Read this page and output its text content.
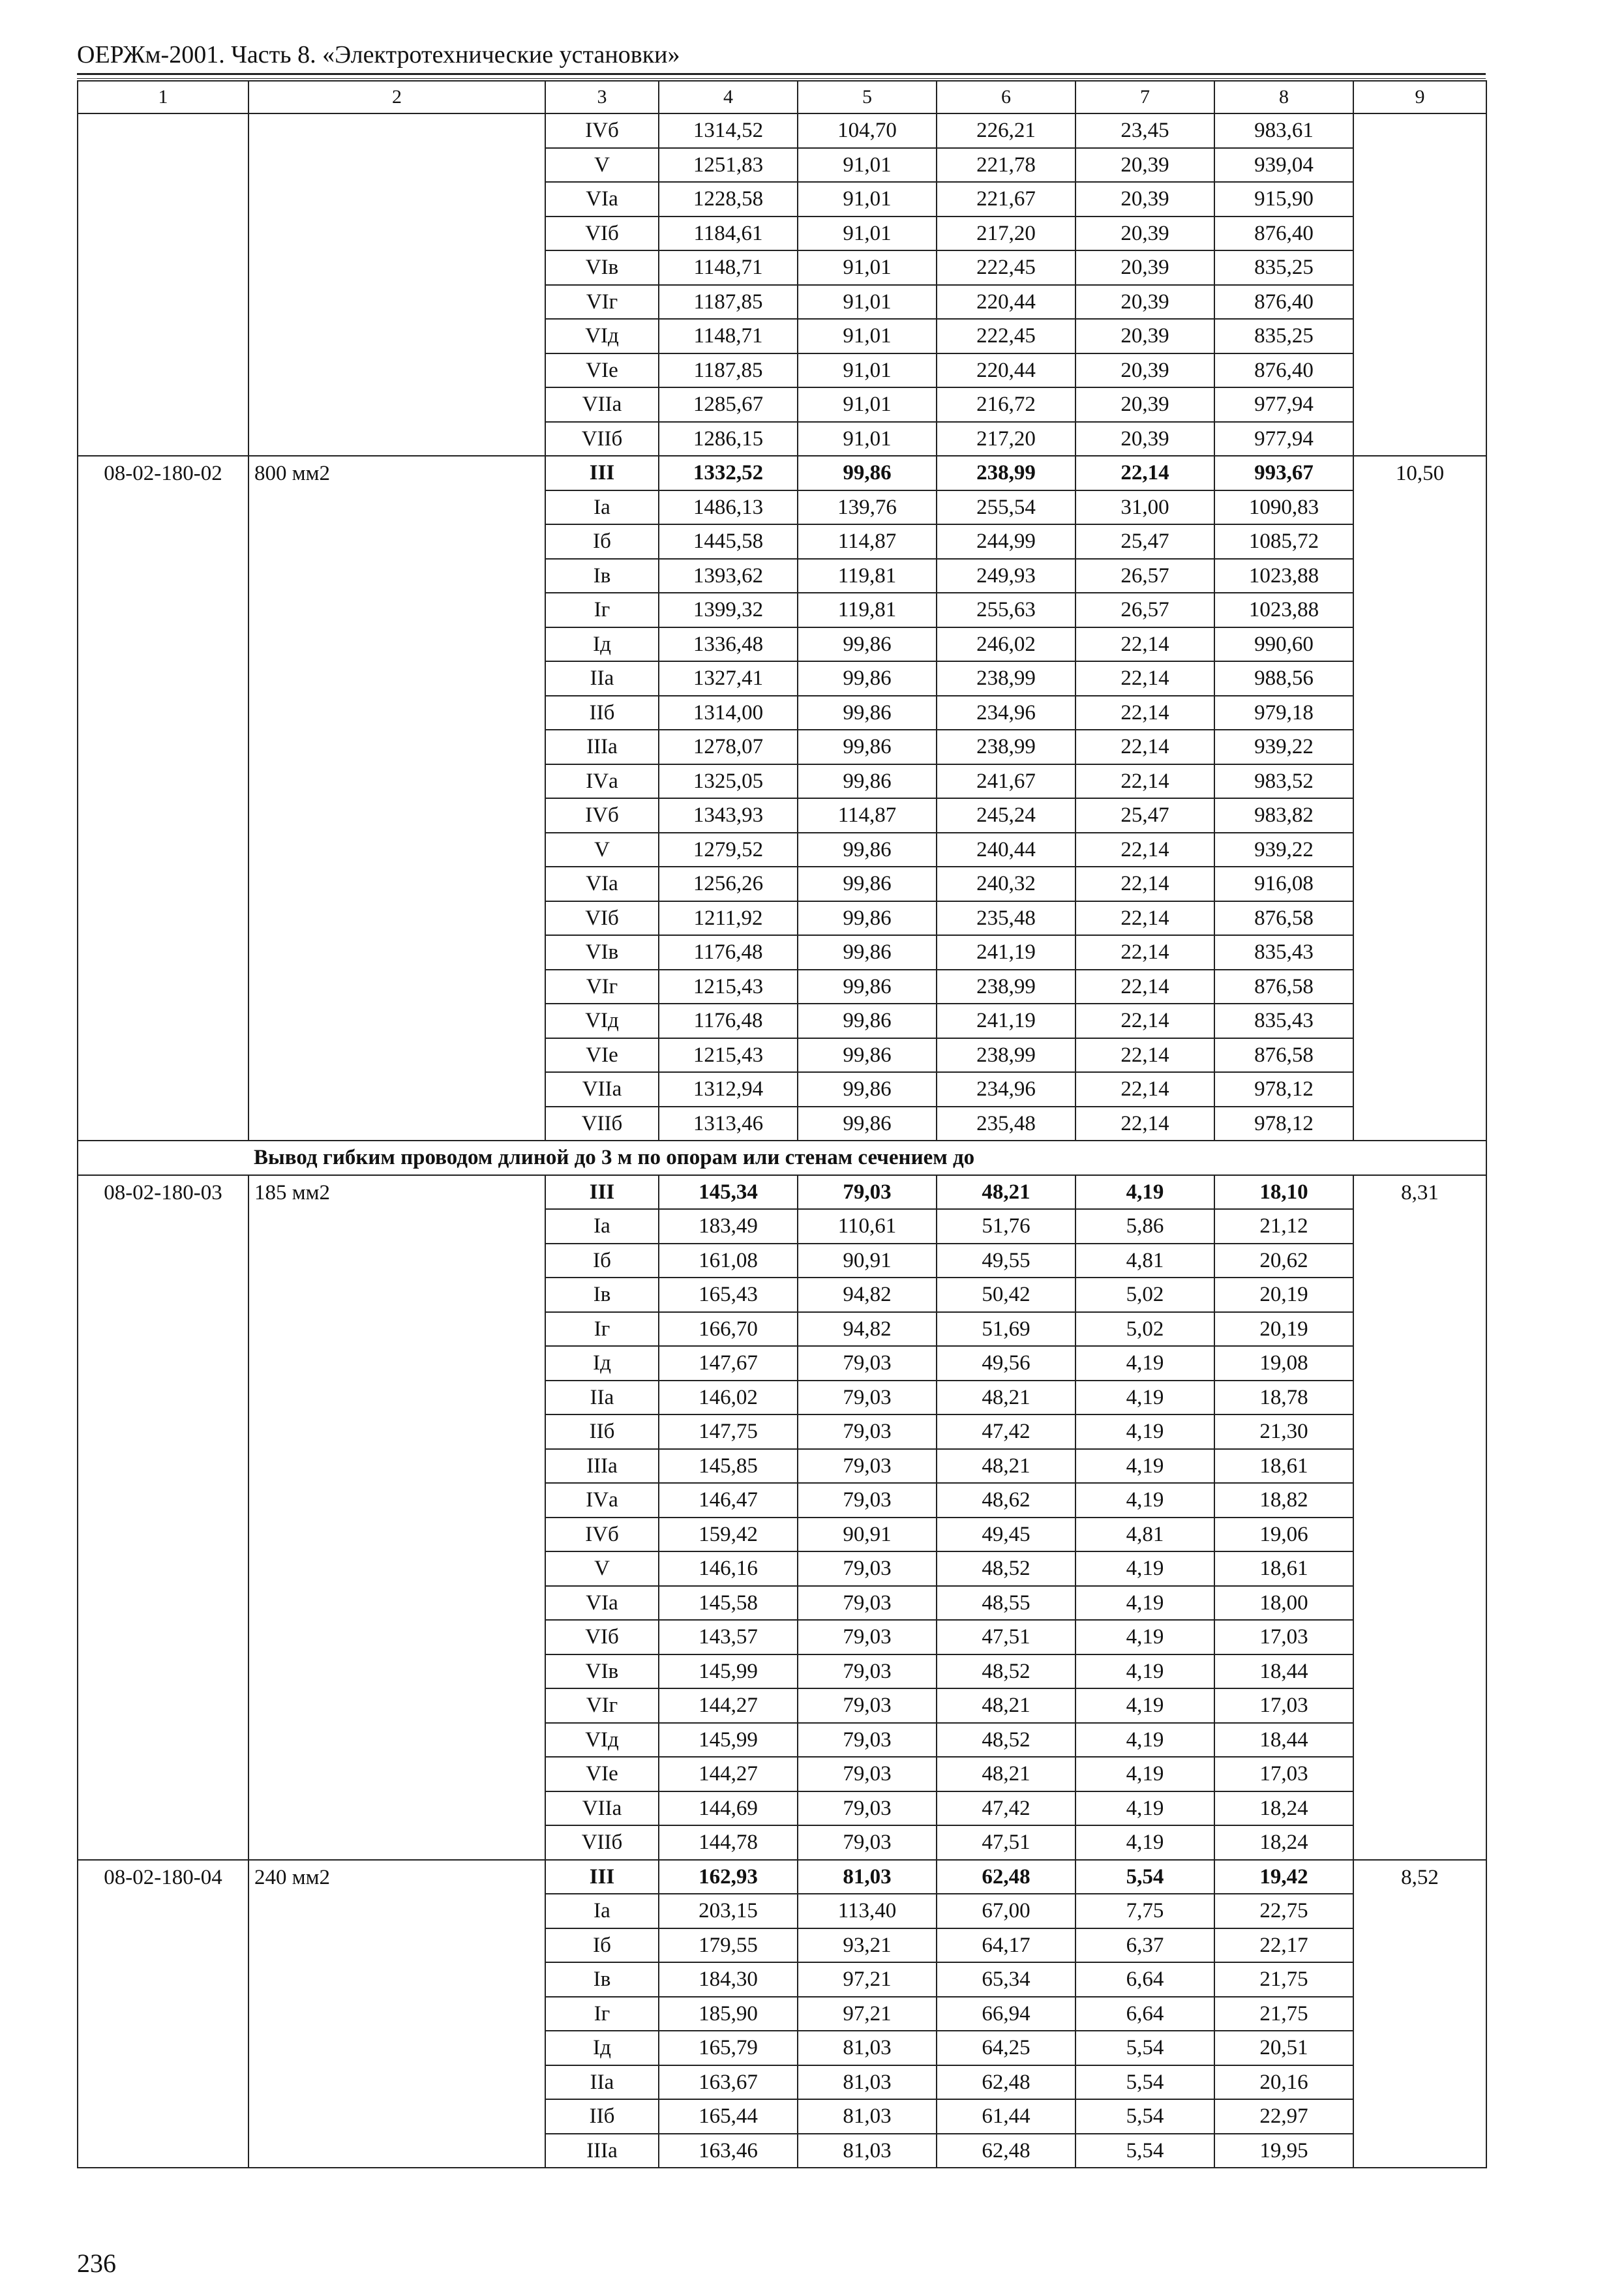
ОЕРЖм-2001. Часть 8. «Электротехнические установки»
1	2	3	4	5	6	7	8	9
		IVб	1314,52	104,70	226,21	23,45	983,61	
		V	1251,83	91,01	221,78	20,39	939,04	
		VIа	1228,58	91,01	221,67	20,39	915,90	
		VIб	1184,61	91,01	217,20	20,39	876,40	
		VIв	1148,71	91,01	222,45	20,39	835,25	
		VIг	1187,85	91,01	220,44	20,39	876,40	
		VIд	1148,71	91,01	222,45	20,39	835,25	
		VIе	1187,85	91,01	220,44	20,39	876,40	
		VIIа	1285,67	91,01	216,72	20,39	977,94	
		VIIб	1286,15	91,01	217,20	20,39	977,94	
08-02-180-02	800 мм2	III	1332,52	99,86	238,99	22,14	993,67	10,50
		Iа	1486,13	139,76	255,54	31,00	1090,83	
		Iб	1445,58	114,87	244,99	25,47	1085,72	
		Iв	1393,62	119,81	249,93	26,57	1023,88	
		Iг	1399,32	119,81	255,63	26,57	1023,88	
		Iд	1336,48	99,86	246,02	22,14	990,60	
		IIа	1327,41	99,86	238,99	22,14	988,56	
		IIб	1314,00	99,86	234,96	22,14	979,18	
		IIIа	1278,07	99,86	238,99	22,14	939,22	
		IVа	1325,05	99,86	241,67	22,14	983,52	
		IVб	1343,93	114,87	245,24	25,47	983,82	
		V	1279,52	99,86	240,44	22,14	939,22	
		VIа	1256,26	99,86	240,32	22,14	916,08	
		VIб	1211,92	99,86	235,48	22,14	876,58	
		VIв	1176,48	99,86	241,19	22,14	835,43	
		VIг	1215,43	99,86	238,99	22,14	876,58	
		VIд	1176,48	99,86	241,19	22,14	835,43	
		VIе	1215,43	99,86	238,99	22,14	876,58	
		VIIа	1312,94	99,86	234,96	22,14	978,12	
		VIIб	1313,46	99,86	235,48	22,14	978,12	
Вывод гибким проводом длиной до 3 м по опорам или стенам сечением до								
08-02-180-03	185 мм2	III	145,34	79,03	48,21	4,19	18,10	8,31
		Iа	183,49	110,61	51,76	5,86	21,12	
		Iб	161,08	90,91	49,55	4,81	20,62	
		Iв	165,43	94,82	50,42	5,02	20,19	
		Iг	166,70	94,82	51,69	5,02	20,19	
		Iд	147,67	79,03	49,56	4,19	19,08	
		IIа	146,02	79,03	48,21	4,19	18,78	
		IIб	147,75	79,03	47,42	4,19	21,30	
		IIIа	145,85	79,03	48,21	4,19	18,61	
		IVа	146,47	79,03	48,62	4,19	18,82	
		IVб	159,42	90,91	49,45	4,81	19,06	
		V	146,16	79,03	48,52	4,19	18,61	
		VIа	145,58	79,03	48,55	4,19	18,00	
		VIб	143,57	79,03	47,51	4,19	17,03	
		VIв	145,99	79,03	48,52	4,19	18,44	
		VIг	144,27	79,03	48,21	4,19	17,03	
		VIд	145,99	79,03	48,52	4,19	18,44	
		VIе	144,27	79,03	48,21	4,19	17,03	
		VIIа	144,69	79,03	47,42	4,19	18,24	
		VIIб	144,78	79,03	47,51	4,19	18,24	
08-02-180-04	240 мм2	III	162,93	81,03	62,48	5,54	19,42	8,52
		Iа	203,15	113,40	67,00	7,75	22,75	
		Iб	179,55	93,21	64,17	6,37	22,17	
		Iв	184,30	97,21	65,34	6,64	21,75	
		Iг	185,90	97,21	66,94	6,64	21,75	
		Iд	165,79	81,03	64,25	5,54	20,51	
		IIа	163,67	81,03	62,48	5,54	20,16	
		IIб	165,44	81,03	61,44	5,54	22,97	
		IIIа	163,46	81,03	62,48	5,54	19,95	
236
